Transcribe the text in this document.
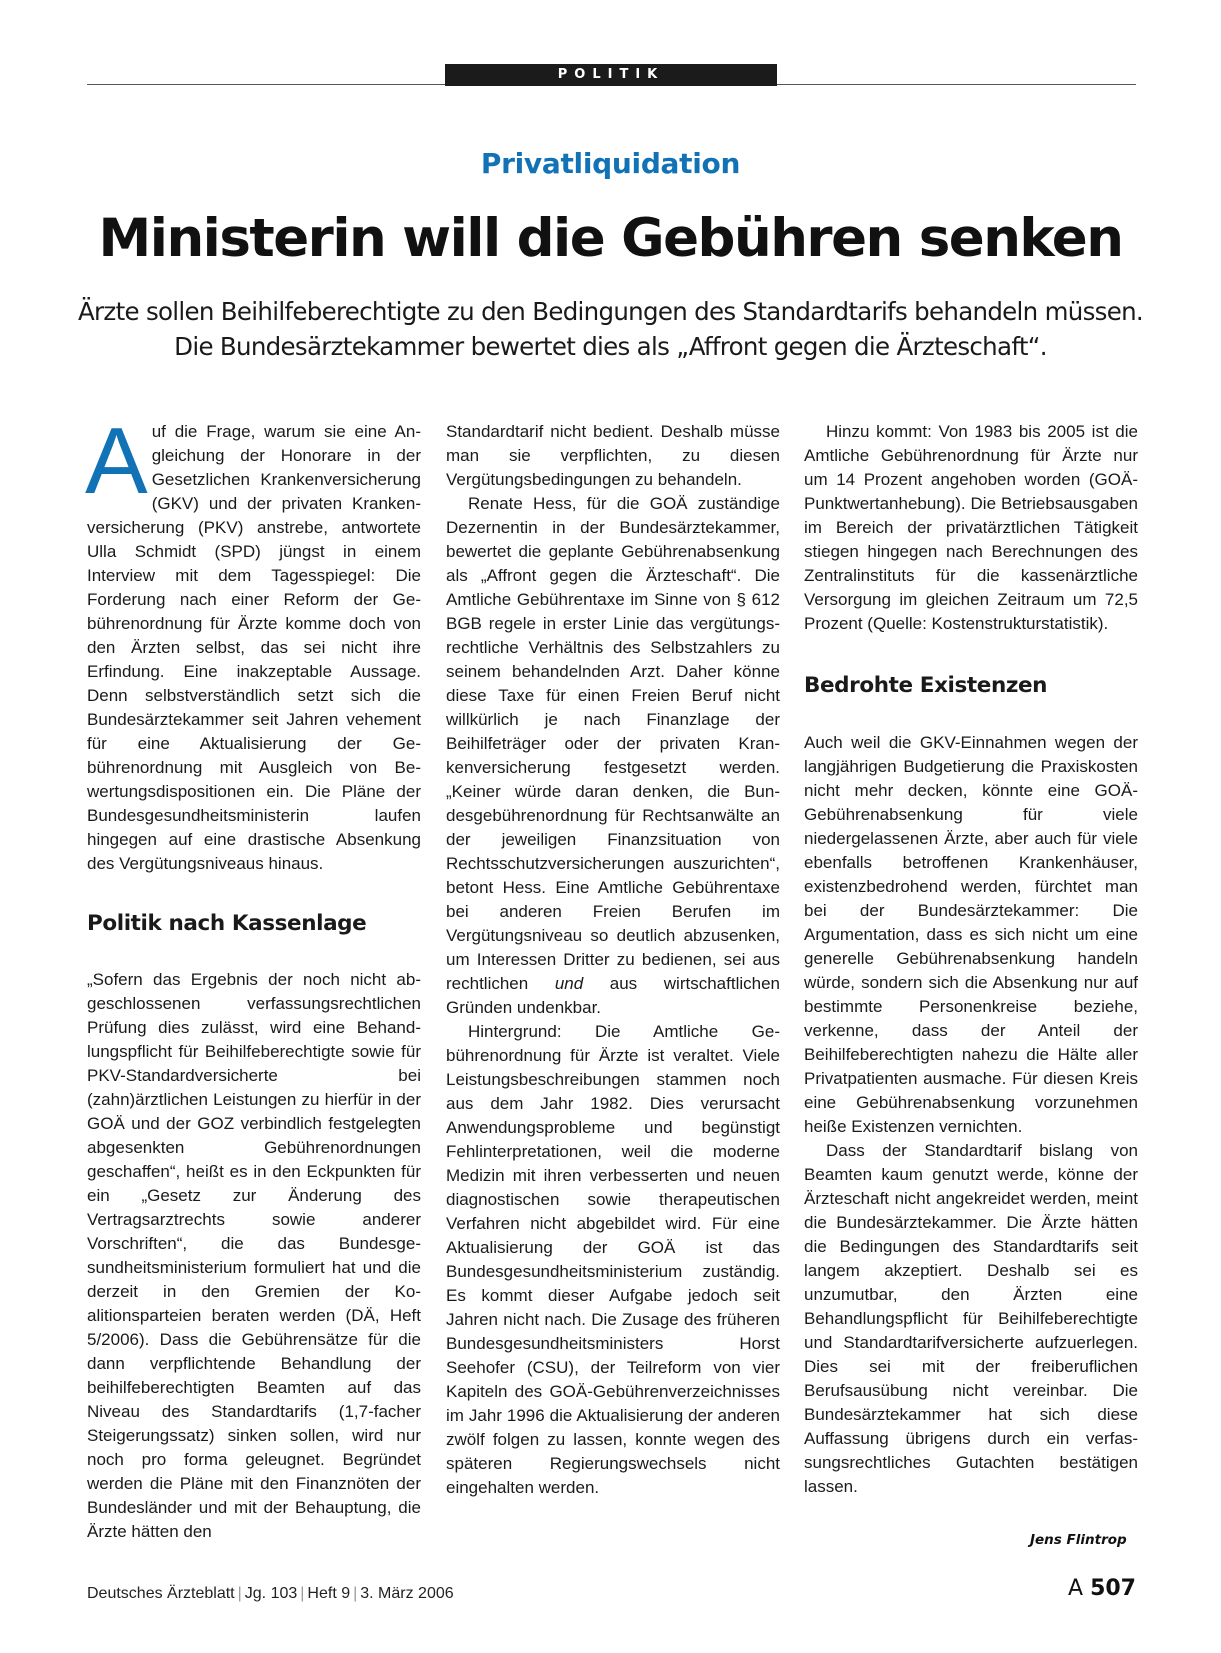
POLITIK
Privatliquidation
Ministerin will die Gebühren senken
Ärzte sollen Beihilfeberechtigte zu den Bedingungen des Standardtarifs behandeln müssen.
Die Bundesärztekammer bewertet dies als „Affront gegen die Ärzteschaft“.

Auf die Frage, warum sie eine Angleichung der Honorare in der Gesetzlichen Krankenversicherung (GKV) und der privaten Krankenversicherung (PKV) anstrebe, antwortete Ulla Schmidt (SPD) jüngst in einem Interview mit dem Tagesspiegel: Die Forderung nach einer Reform der Gebührenordnung für Ärzte komme doch von den Ärzten selbst, das sei nicht ihre Erfindung. Eine inakzeptable Aussage. Denn selbstverständlich setzt sich die Bundesärztekammer seit Jahren vehement für eine Aktualisierung der Gebührenordnung mit Ausgleich von Bewertungsdispositionen ein. Die Pläne der Bundesgesundheitsministerin laufen hingegen auf eine drastische Absenkung des Vergütungsniveaus hinaus.

Politik nach Kassenlage

„Sofern das Ergebnis der noch nicht abgeschlossenen verfassungsrechtlichen Prüfung dies zulässt, wird eine Behandlungspflicht für Beihilfeberechtigte sowie für PKV-Standardversicherte bei (zahn)ärztlichen Leistungen zu hierfür in der GOÄ und der GOZ verbindlich festgelegten abgesenkten Gebührenordnungen geschaffen“, heißt es in den Eckpunkten für ein „Gesetz zur Änderung des Vertragsarztrechts sowie anderer Vorschriften“, die das Bundesgesundheitsministerium formuliert hat und die derzeit in den Gremien der Koalitionsparteien beraten werden (DÄ, Heft 5/2006). Dass die Gebührensätze für die dann verpflichtende Behandlung der beihilfeberechtigten Beamten auf das Niveau des Standardtarifs (1,7-facher Steigerungssatz) sinken sollen, wird nur noch pro forma geleugnet. Begründet werden die Pläne mit den Finanznöten der Bundesländer und mit der Behauptung, die Ärzte hätten den

Standardtarif nicht bedient. Deshalb müsse man sie verpflichten, zu diesen Vergütungsbedingungen zu behandeln.

Renate Hess, für die GOÄ zuständige Dezernentin in der Bundesärztekammer, bewertet die geplante Gebührenabsenkung als „Affront gegen die Ärzteschaft“. Die Amtliche Gebührentaxe im Sinne von § 612 BGB regele in erster Linie das vergütungsrechtliche Verhältnis des Selbstzahlers zu seinem behandelnden Arzt. Daher könne diese Taxe für einen Freien Beruf nicht willkürlich je nach Finanzlage der Beihilfeträger oder der privaten Krankenversicherung festgesetzt werden. „Keiner würde daran denken, die Bundesgebührenordnung für Rechtsanwälte an der jeweiligen Finanzsituation von Rechtsschutzversicherungen auszurichten“, betont Hess. Eine Amtliche Gebührentaxe bei anderen Freien Berufen im Vergütungsniveau so deutlich abzusenken, um Interessen Dritter zu bedienen, sei aus rechtlichen und aus wirtschaftlichen Gründen undenkbar.

Hintergrund: Die Amtliche Gebührenordnung für Ärzte ist veraltet. Viele Leistungsbeschreibungen stammen noch aus dem Jahr 1982. Dies verursacht Anwendungsprobleme und begünstigt Fehlinterpretationen, weil die moderne Medizin mit ihren verbesserten und neuen diagnostischen sowie therapeutischen Verfahren nicht abgebildet wird. Für eine Aktualisierung der GOÄ ist das Bundesgesundheitsministerium zuständig. Es kommt dieser Aufgabe jedoch seit Jahren nicht nach. Die Zusage des früheren Bundesgesundheitsministers Horst Seehofer (CSU), der Teilreform von vier Kapiteln des GOÄ-Gebührenverzeichnisses im Jahr 1996 die Aktualisierung der anderen zwölf folgen zu lassen, konnte wegen des späteren Regierungswechsels nicht eingehalten werden.

Hinzu kommt: Von 1983 bis 2005 ist die Amtliche Gebührenordnung für Ärzte nur um 14 Prozent angehoben worden (GOÄ-Punktwertanhebung). Die Betriebsausgaben im Bereich der privatärztlichen Tätigkeit stiegen hingegen nach Berechnungen des Zentralinstituts für die kassenärztliche Versorgung im gleichen Zeitraum um 72,5 Prozent (Quelle: Kostenstrukturstatistik).

Bedrohte Existenzen

Auch weil die GKV-Einnahmen wegen der langjährigen Budgetierung die Praxiskosten nicht mehr decken, könnte eine GOÄ-Gebührenabsenkung für viele niedergelassenen Ärzte, aber auch für viele ebenfalls betroffenen Krankenhäuser, existenzbedrohend werden, fürchtet man bei der Bundesärztekammer: Die Argumentation, dass es sich nicht um eine generelle Gebührenabsenkung handeln würde, sondern sich die Absenkung nur auf bestimmte Personenkreise beziehe, verkenne, dass der Anteil der Beihilfeberechtigten nahezu die Hälte aller Privatpatienten ausmache. Für diesen Kreis eine Gebührenabsenkung vorzunehmen heiße Existenzen vernichten.

Dass der Standardtarif bislang von Beamten kaum genutzt werde, könne der Ärzteschaft nicht angekreidet werden, meint die Bundesärztekammer. Die Ärzte hätten die Bedingungen des Standardtarifs seit langem akzeptiert. Deshalb sei es unzumutbar, den Ärzten eine Behandlungspflicht für Beihilfeberechtigte und Standardtarifversicherte aufzuerlegen. Dies sei mit der freiberuflichen Berufsausübung nicht vereinbar. Die Bundesärztekammer hat sich diese Auffassung übrigens durch ein verfassungsrechtliches Gutachten bestätigen lassen.

Jens Flintrop
Deutsches Ärzteblatt | Jg. 103 | Heft 9 | 3. März 2006	A 507
